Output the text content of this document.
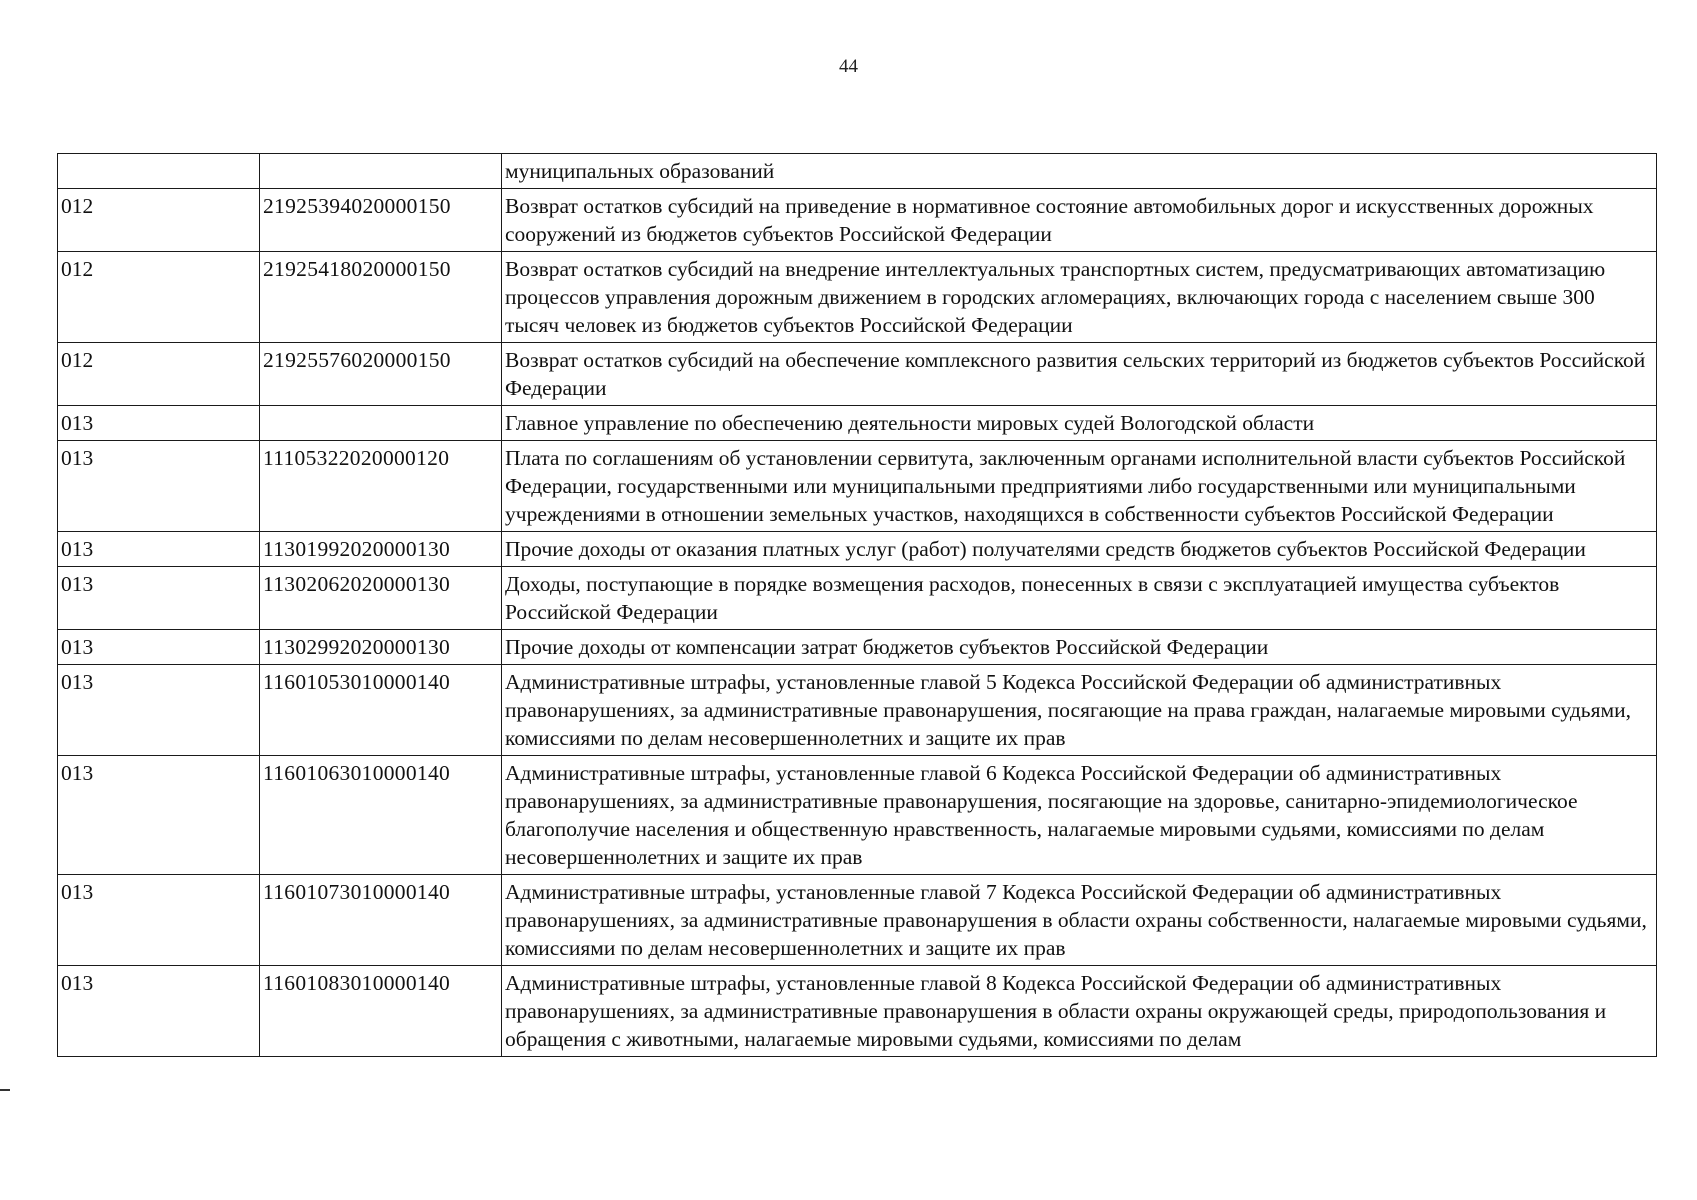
44
		муниципальных образований
012	21925394020000150	Возврат остатков субсидий на приведение в нормативное состояние автомобильных дорог и искусственных дорожных сооружений из бюджетов субъектов Российской Федерации
012	21925418020000150	Возврат остатков субсидий на внедрение интеллектуальных транспортных систем, предусматривающих автоматизацию процессов управления дорожным движением в городских агломерациях, включающих города с населением свыше 300 тысяч человек из бюджетов субъектов Российской Федерации
012	21925576020000150	Возврат остатков субсидий на обеспечение комплексного развития сельских территорий из бюджетов субъектов Российской Федерации
013		Главное управление по обеспечению деятельности мировых судей Вологодской области
013	11105322020000120	Плата по соглашениям об установлении сервитута, заключенным органами исполнительной власти субъектов Российской Федерации, государственными или муниципальными предприятиями либо государственными или муниципальными учреждениями в отношении земельных участков, находящихся в собственности субъектов Российской Федерации
013	11301992020000130	Прочие доходы от оказания платных услуг (работ) получателями средств бюджетов субъектов Российской Федерации
013	11302062020000130	Доходы, поступающие в порядке возмещения расходов, понесенных в связи с эксплуатацией имущества субъектов Российской Федерации
013	11302992020000130	Прочие доходы от компенсации затрат бюджетов субъектов Российской Федерации
013	11601053010000140	Административные штрафы, установленные главой 5 Кодекса Российской Федерации об административных правонарушениях, за административные правонарушения, посягающие на права граждан, налагаемые мировыми судьями, комиссиями по делам несовершеннолетних и защите их прав
013	11601063010000140	Административные штрафы, установленные главой 6 Кодекса Российской Федерации об административных правонарушениях, за административные правонарушения, посягающие на здоровье, санитарно-эпидемиологическое благополучие населения и общественную нравственность, налагаемые мировыми судьями, комиссиями по делам несовершеннолетних и защите их прав
013	11601073010000140	Административные штрафы, установленные главой 7 Кодекса Российской Федерации об административных правонарушениях, за административные правонарушения в области охраны собственности, налагаемые мировыми судьями, комиссиями по делам несовершеннолетних и защите их прав
013	11601083010000140	Административные штрафы, установленные главой 8 Кодекса Российской Федерации об административных правонарушениях, за административные правонарушения в области охраны окружающей среды, природопользования и обращения с животными, налагаемые мировыми судьями, комиссиями по делам
